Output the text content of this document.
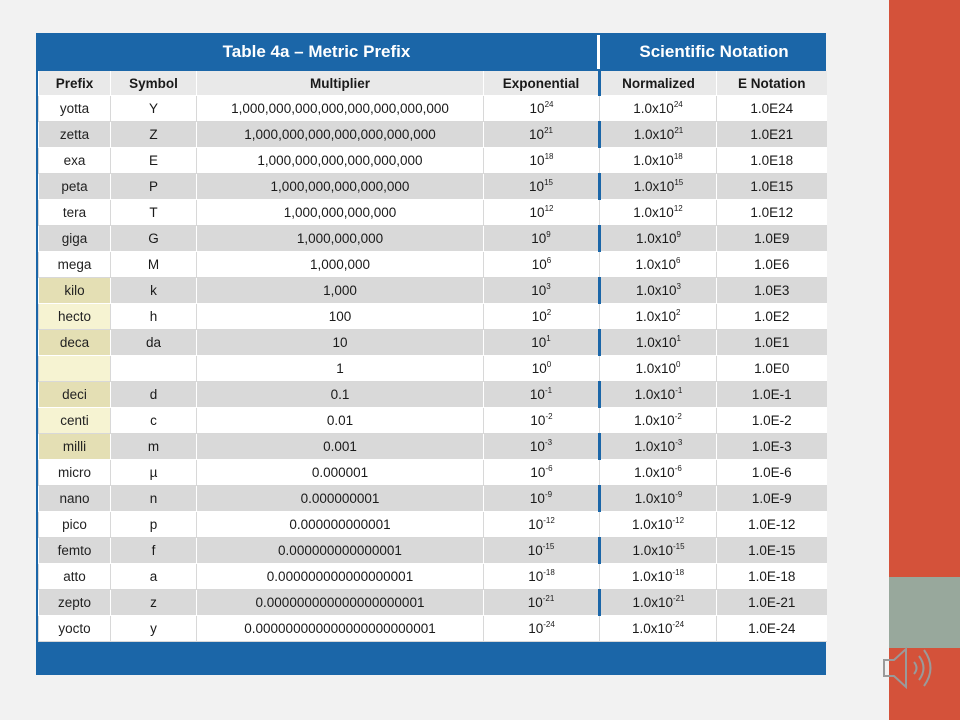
Table 4a – Metric Prefix	Scientific Notation
Prefix	Symbol	Multiplier	Exponential	Normalized	E Notation
yotta	Y	1,000,000,000,000,000,000,000,000	$10^{24}$	$1.0x10^{24}$	1.0E24
zetta	Z	1,000,000,000,000,000,000,000	$10^{21}$	$1.0x10^{21}$	1.0E21
exa	E	1,000,000,000,000,000,000	$10^{18}$	$1.0x10^{18}$	1.0E18
peta	P	1,000,000,000,000,000	$10^{15}$	$1.0x10^{15}$	1.0E15
tera	T	1,000,000,000,000	$10^{12}$	$1.0x10^{12}$	1.0E12
giga	G	1,000,000,000	$10^9$	$1.0x10^9$	1.0E9
mega	M	1,000,000	$10^6$	$1.0x10^6$	1.0E6
kilo	k	1,000	$10^3$	$1.0x10^3$	1.0E3
hecto	h	100	$10^2$	$1.0x10^2$	1.0E2
deca	da	10	$10^1$	$1.0x10^1$	1.0E1
		1	$10^0$	$1.0x10^0$	1.0E0
deci	d	0.1	$10^{-1}$	$1.0x10^{-1}$	1.0E-1
centi	c	0.01	$10^{-2}$	$1.0x10^{-2}$	1.0E-2
milli	m	0.001	$10^{-3}$	$1.0x10^{-3}$	1.0E-3
micro	µ	0.000001	$10^{-6}$	$1.0x10^{-6}$	1.0E-6
nano	n	0.000000001	$10^{-9}$	$1.0x10^{-9}$	1.0E-9
pico	p	0.000000000001	$10^{-12}$	$1.0x10^{-12}$	1.0E-12
femto	f	0.000000000000001	$10^{-15}$	$1.0x10^{-15}$	1.0E-15
atto	a	0.000000000000000001	$10^{-18}$	$1.0x10^{-18}$	1.0E-18
zepto	z	0.000000000000000000001	$10^{-21}$	$1.0x10^{-21}$	1.0E-21
yocto	y	0.000000000000000000000001	$10^{-24}$	$1.0x10^{-24}$	1.0E-24
